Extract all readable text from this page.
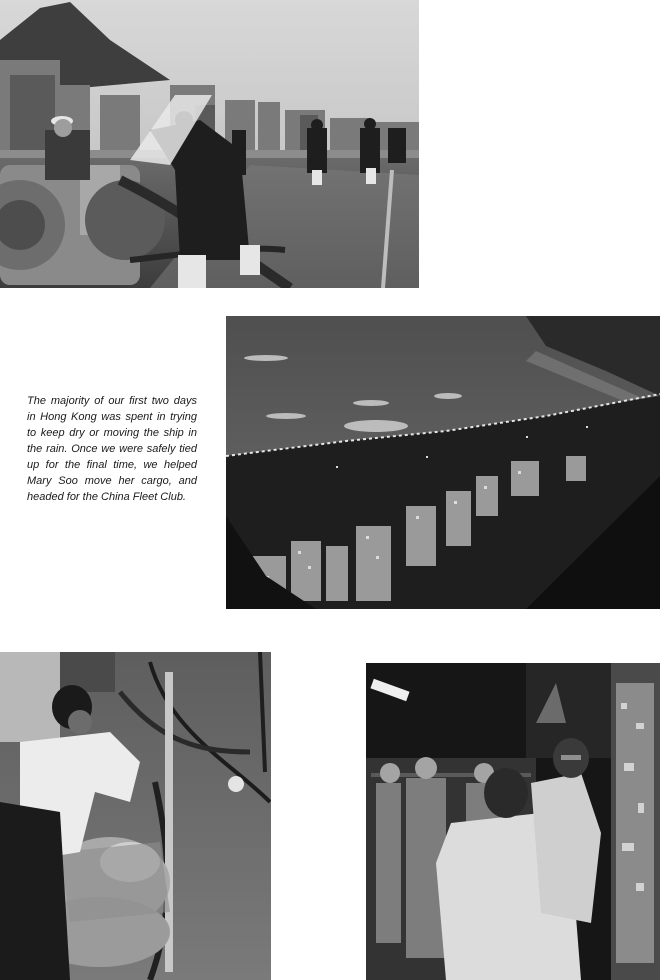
The majority of our first two days in Hong Kong was spent in trying to keep dry or moving the ship in the rain. Once we were safely tied up for the final time, we helped Mary Soo move her cargo, and headed for the China Fleet Club.
